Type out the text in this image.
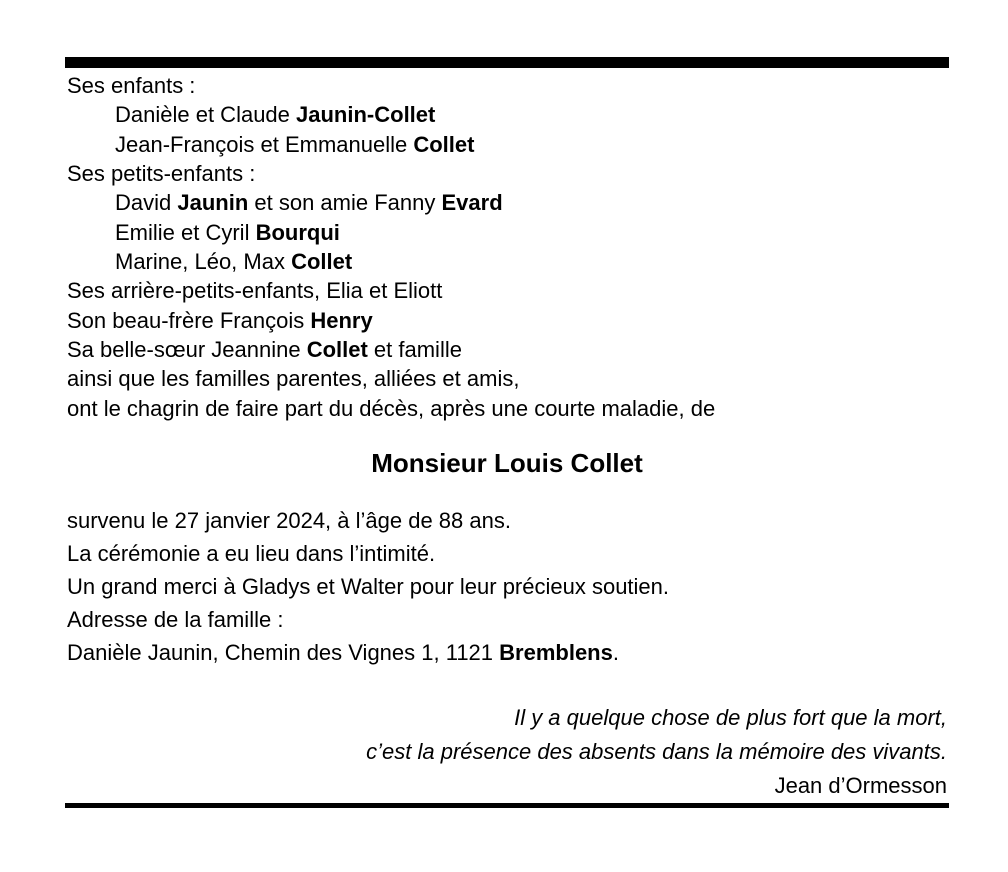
Ses enfants :
Danièle et Claude Jaunin-Collet
Jean-François et Emmanuelle Collet
Ses petits-enfants :
David Jaunin et son amie Fanny Evard
Emilie et Cyril Bourqui
Marine, Léo, Max Collet
Ses arrière-petits-enfants, Elia et Eliott
Son beau-frère François Henry
Sa belle-sœur Jeannine Collet et famille
ainsi que les familles parentes, alliées et amis,
ont le chagrin de faire part du décès, après une courte maladie, de
Monsieur Louis Collet
survenu le 27 janvier 2024, à l’âge de 88 ans.
La cérémonie a eu lieu dans l’intimité.
Un grand merci à Gladys et Walter pour leur précieux soutien.
Adresse de la famille :
Danièle Jaunin, Chemin des Vignes 1, 1121 Bremblens.
Il y a quelque chose de plus fort que la mort,
c’est la présence des absents dans la mémoire des vivants.
Jean d’Ormesson
